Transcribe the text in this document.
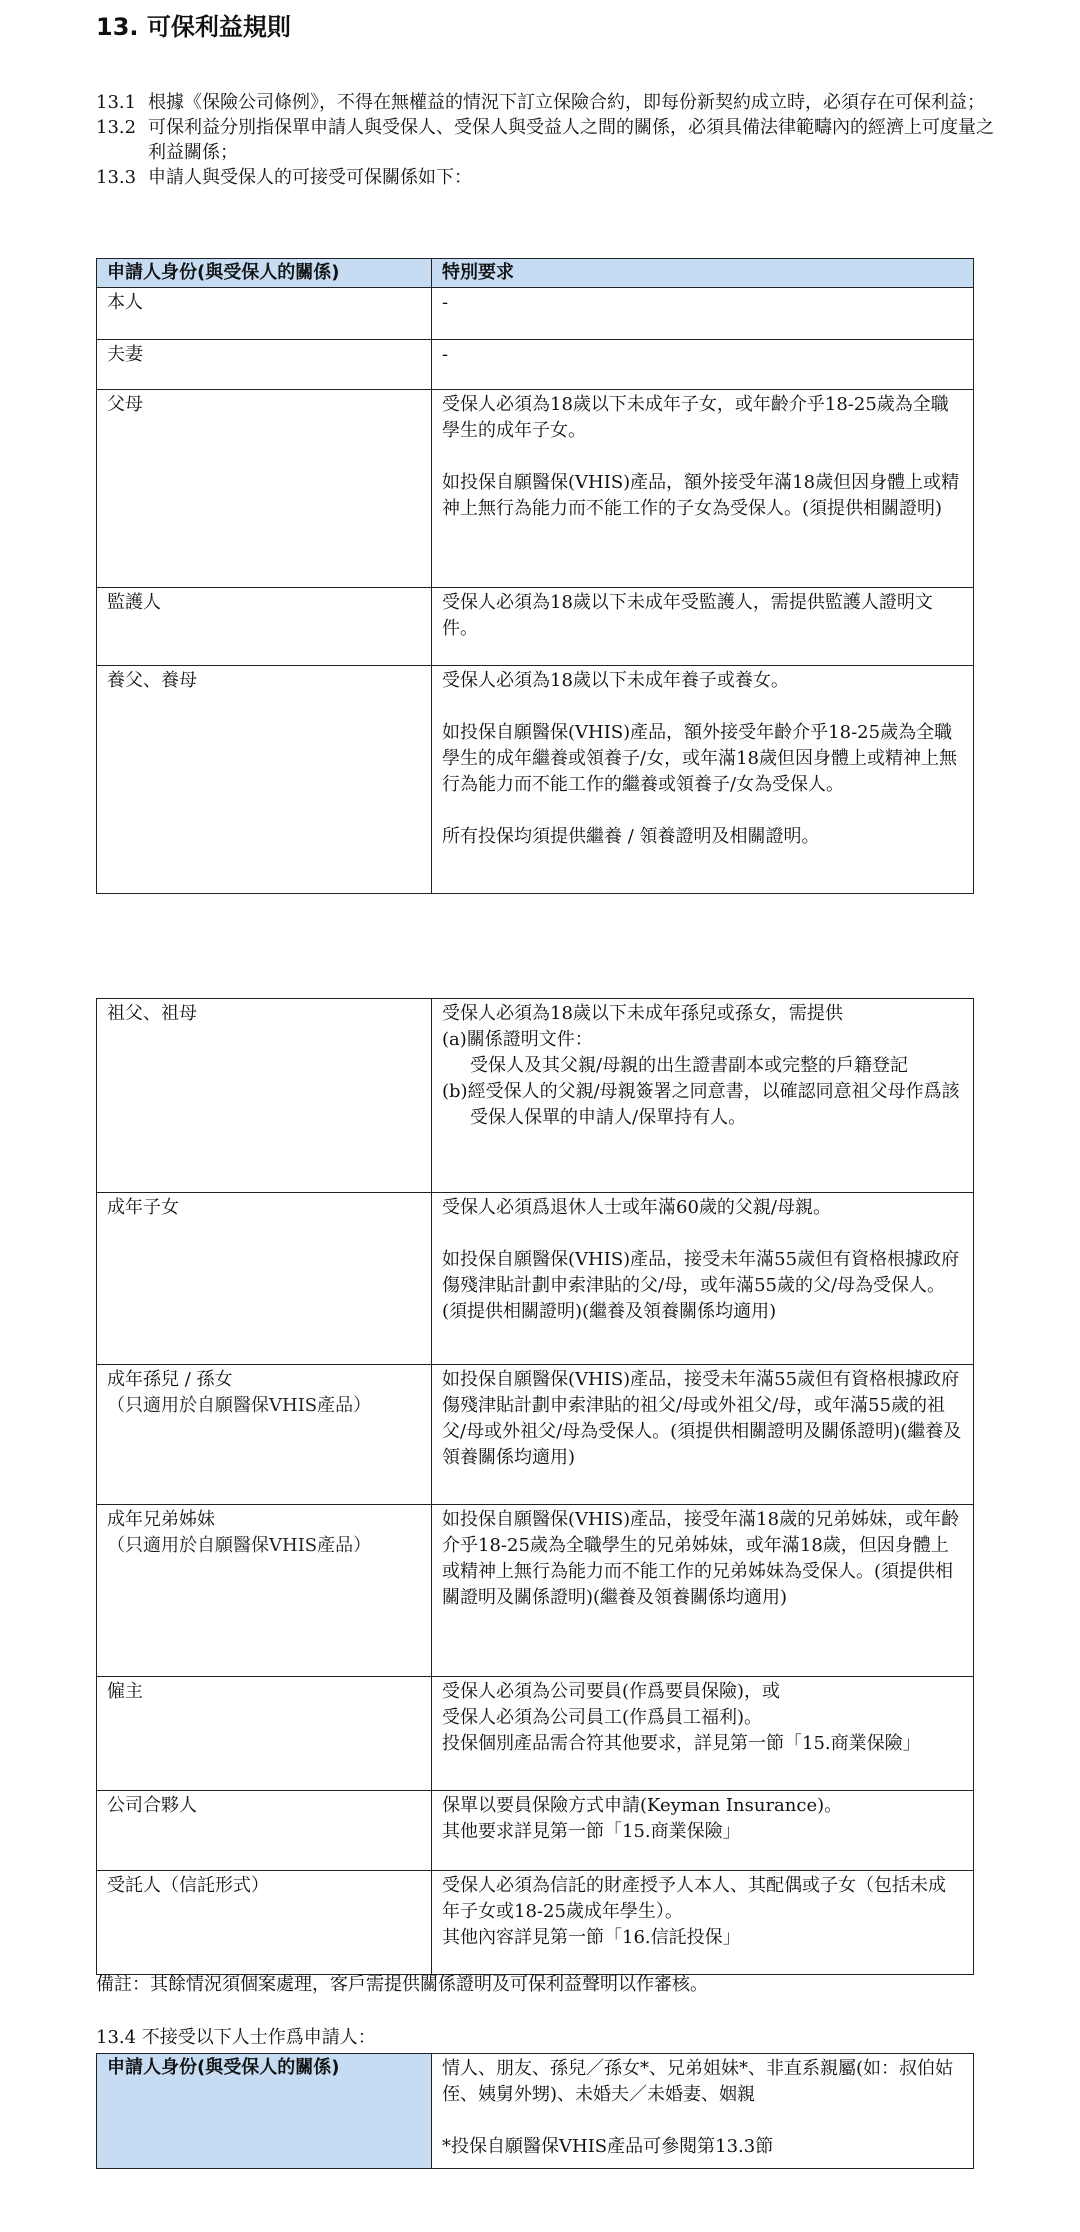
13. 可保利益規則

13.1 根據《保險公司條例》，不得在無權益的情況下訂立保險合約，即每份新契約成立時，必須存在可保利益；

13.2 可保利益分別指保單申請人與受保人、受保人與受益人之間的關係，必須具備法律範疇內的經濟上可度量之利益關係；

13.3 申請人與受保人的可接受可保關係如下：

申請人身份(與受保人的關係)	特別要求
本人	-
夫妻	-
父母	受保人必須為18歲以下未成年子女，或年齡介乎18-25歲為全職學生的成年子女。

如投保自願醫保(VHIS)產品，額外接受年滿18歲但因身體上或精神上無行為能力而不能工作的子女為受保人。(須提供相關證明)

監護人	受保人必須為18歲以下未成年受監護人，需提供監護人證明文件。

養父、養母	受保人必須為18歲以下未成年養子或養女。

如投保自願醫保(VHIS)產品，額外接受年齡介乎18-25歲為全職學生的成年繼養或領養子/女，或年滿18歲但因身體上或精神上無行為能力而不能工作的繼養或領養子/女為受保人。

所有投保均須提供繼養 / 領養證明及相關證明。

祖父、祖母	受保人必須為18歲以下未成年孫兒或孫女，需提供

(a)關係證明文件：

受保人及其父親/母親的出生證書副本或完整的戶籍登記

(b)經受保人的父親/母親簽署之同意書，以確認同意祖父母作爲該受保人保單的申請人/保單持有人。

成年子女	受保人必須爲退休人士或年滿60歲的父親/母親。

如投保自願醫保(VHIS)產品，接受未年滿55歲但有資格根據政府傷殘津貼計劃申索津貼的父/母，或年滿55歲的父/母為受保人。(須提供相關證明)(繼養及領養關係均適用)

成年孫兒 / 孫女

（只適用於自願醫保VHIS產品）	如投保自願醫保(VHIS)產品，接受未年滿55歲但有資格根據政府傷殘津貼計劃申索津貼的祖父/母或外祖父/母，或年滿55歲的祖父/母或外祖父/母為受保人。(須提供相關證明及關係證明)(繼養及領養關係均適用)

成年兄弟姊妹

（只適用於自願醫保VHIS產品）	如投保自願醫保(VHIS)產品，接受年滿18歲的兄弟姊妹，或年齡介乎18-25歲為全職學生的兄弟姊妹，或年滿18歲，但因身體上或精神上無行為能力而不能工作的兄弟姊妹為受保人。(須提供相關證明及關係證明)(繼養及領養關係均適用)

僱主	受保人必須為公司要員(作爲要員保險)，或

受保人必須為公司員工(作爲員工福利)。

投保個別產品需合符其他要求，詳見第一節「15.商業保險」

公司合夥人	保單以要員保險方式申請(Keyman Insurance)。

其他要求詳見第一節「15.商業保險」

受託人（信託形式）	受保人必須為信託的財產授予人本人、其配偶或子女（包括未成年子女或18-25歲成年學生）。

其他內容詳見第一節「16.信託投保」

備註：其餘情況須個案處理，客戶需提供關係證明及可保利益聲明以作審核。
13.4 不接受以下人士作爲申請人：
申請人身份(與受保人的關係)	情人、朋友、孫兒／孫女*、兄弟姐妹*、非直系親屬(如：叔伯姑侄、姨舅外甥)、未婚夫／未婚妻、姻親

*投保自願醫保VHIS產品可參閱第13.3節
